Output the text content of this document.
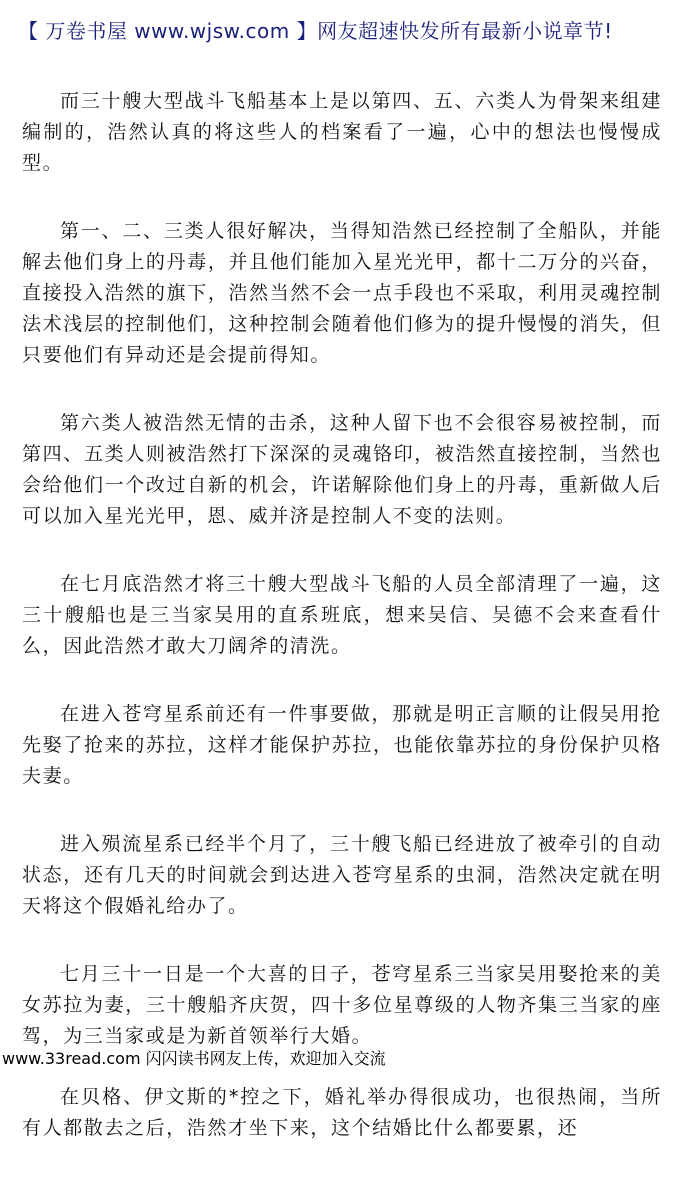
【 万卷书屋 www.wjsw.com 】网友超速快发所有最新小说章节!

而三十艘大型战斗飞船基本上是以第四、五、六类人为骨架来组建编制的，浩然认真的将这些人的档案看了一遍，心中的想法也慢慢成型。

第一、二、三类人很好解决，当得知浩然已经控制了全船队，并能解去他们身上的丹毒，并且他们能加入星光光甲，都十二万分的兴奋，直接投入浩然的旗下，浩然当然不会一点手段也不采取，利用灵魂控制法术浅层的控制他们，这种控制会随着他们修为的提升慢慢的消失，但只要他们有异动还是会提前得知。

第六类人被浩然无情的击杀，这种人留下也不会很容易被控制，而第四、五类人则被浩然打下深深的灵魂铬印，被浩然直接控制，当然也会给他们一个改过自新的机会，许诺解除他们身上的丹毒，重新做人后可以加入星光光甲，恩、威并济是控制人不变的法则。

在七月底浩然才将三十艘大型战斗飞船的人员全部清理了一遍，这三十艘船也是三当家吴用的直系班底，想来吴信、吴德不会来查看什么，因此浩然才敢大刀阔斧的清洗。

在进入苍穹星系前还有一件事要做，那就是明正言顺的让假吴用抢先娶了抢来的苏拉，这样才能保护苏拉，也能依靠苏拉的身份保护贝格夫妻。

进入殒流星系已经半个月了，三十艘飞船已经进放了被牵引的自动状态，还有几天的时间就会到达进入苍穹星系的虫洞，浩然决定就在明天将这个假婚礼给办了。

七月三十一日是一个大喜的日子，苍穹星系三当家吴用娶抢来的美女苏拉为妻，三十艘船齐庆贺，四十多位星尊级的人物齐集三当家的座驾，为三当家或是为新首领举行大婚。

www.33read.com 闪闪读书网友上传，欢迎加入交流

在贝格、伊文斯的*控之下，婚礼举办得很成功，也很热闹，当所有人都散去之后，浩然才坐下来，这个结婚比什么都要累，还
